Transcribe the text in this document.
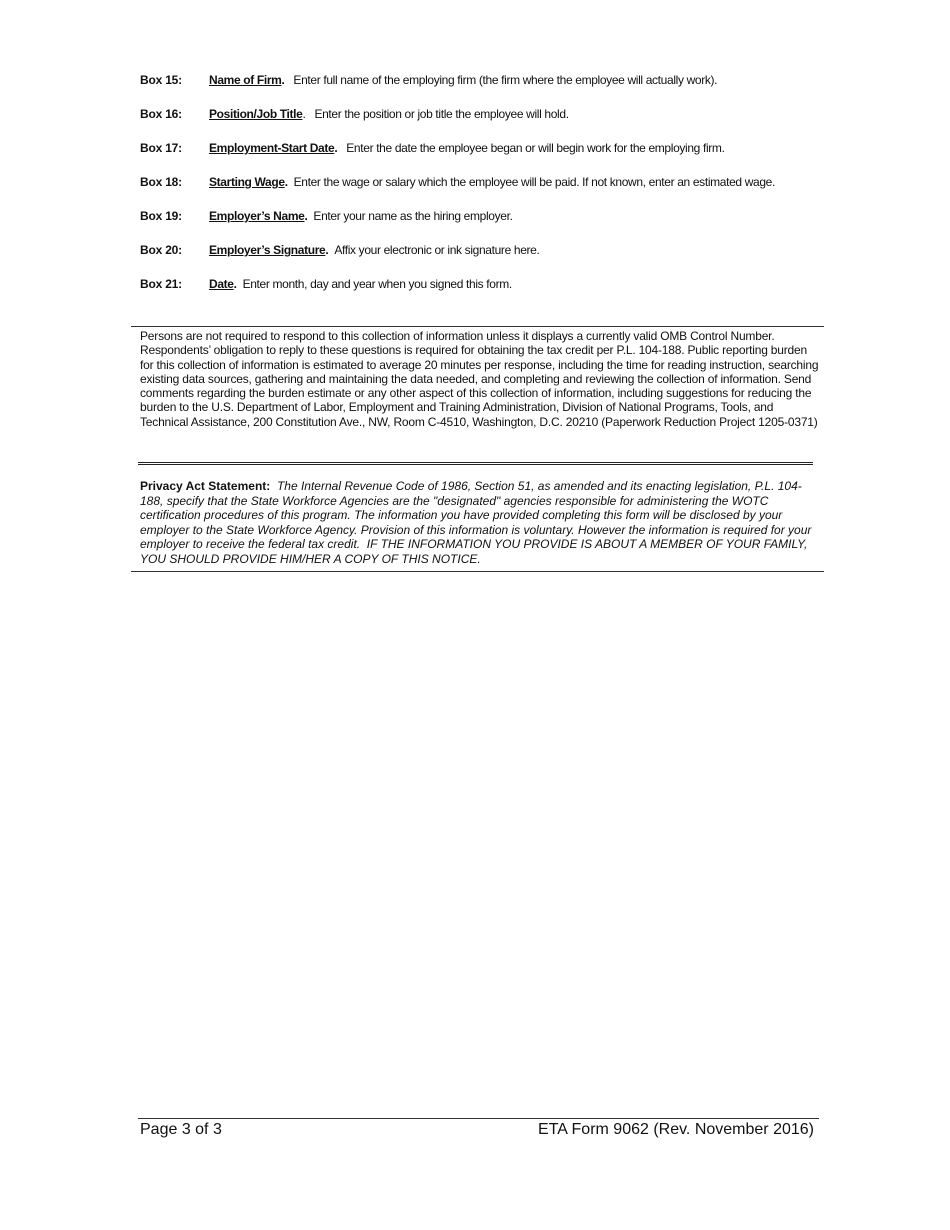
Box 15: Name of Firm. Enter full name of the employing firm (the firm where the employee will actually work).
Box 16: Position/Job Title. Enter the position or job title the employee will hold.
Box 17: Employment-Start Date. Enter the date the employee began or will begin work for the employing firm.
Box 18: Starting Wage. Enter the wage or salary which the employee will be paid. If not known, enter an estimated wage.
Box 19: Employer’s Name. Enter your name as the hiring employer.
Box 20: Employer’s Signature. Affix your electronic or ink signature here.
Box 21: Date. Enter month, day and year when you signed this form.
Persons are not required to respond to this collection of information unless it displays a currently valid OMB Control Number. Respondents’ obligation to reply to these questions is required for obtaining the tax credit per P.L. 104-188. Public reporting burden for this collection of information is estimated to average 20 minutes per response, including the time for reading instruction, searching existing data sources, gathering and maintaining the data needed, and completing and reviewing the collection of information. Send comments regarding the burden estimate or any other aspect of this collection of information, including suggestions for reducing the burden to the U.S. Department of Labor, Employment and Training Administration, Division of National Programs, Tools, and Technical Assistance, 200 Constitution Ave., NW, Room C-4510, Washington, D.C. 20210 (Paperwork Reduction Project 1205-0371)
Privacy Act Statement: The Internal Revenue Code of 1986, Section 51, as amended and its enacting legislation, P.L. 104-188, specify that the State Workforce Agencies are the "designated" agencies responsible for administering the WOTC certification procedures of this program. The information you have provided completing this form will be disclosed by your employer to the State Workforce Agency. Provision of this information is voluntary. However the information is required for your employer to receive the federal tax credit. IF THE INFORMATION YOU PROVIDE IS ABOUT A MEMBER OF YOUR FAMILY, YOU SHOULD PROVIDE HIM/HER A COPY OF THIS NOTICE.
Page 3 of 3	ETA Form 9062 (Rev. November 2016)
